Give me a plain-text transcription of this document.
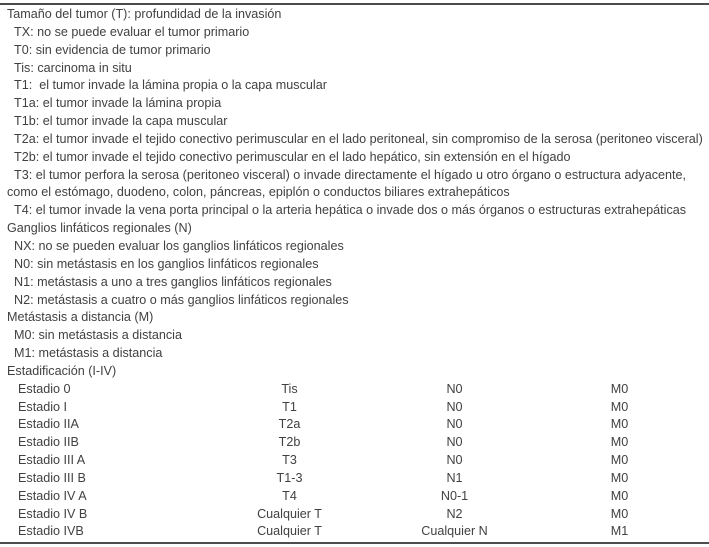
Tamaño del tumor (T): profundidad de la invasión
TX: no se puede evaluar el tumor primario
T0: sin evidencia de tumor primario
Tis: carcinoma in situ
T1:  el tumor invade la lámina propia o la capa muscular
T1a: el tumor invade la lámina propia
T1b: el tumor invade la capa muscular
T2a: el tumor invade el tejido conectivo perimuscular en el lado peritoneal, sin compromiso de la serosa (peritoneo visceral)
T2b: el tumor invade el tejido conectivo perimuscular en el lado hepático, sin extensión en el hígado
T3: el tumor perfora la serosa (peritoneo visceral) o invade directamente el hígado u otro órgano o estructura adyacente,
como el estómago, duodeno, colon, páncreas, epiplón o conductos biliares extrahepáticos
T4: el tumor invade la vena porta principal o la arteria hepática o invade dos o más órganos o estructuras extrahepáticas
Ganglios linfáticos regionales (N)
NX: no se pueden evaluar los ganglios linfáticos regionales
N0: sin metástasis en los ganglios linfáticos regionales
N1: metástasis a uno a tres ganglios linfáticos regionales
N2: metástasis a cuatro o más ganglios linfáticos regionales
Metástasis a distancia (M)
M0: sin metástasis a distancia
M1: metástasis a distancia
Estadificación (I-IV)
Estadio 0	Tis	N0	M0
Estadio I	T1	N0	M0
Estadio IIA	T2a	N0	M0
Estadio IIB	T2b	N0	M0
Estadio III A	T3	N0	M0
Estadio III B	T1-3	N1	M0
Estadio IV A	T4	N0-1	M0
Estadio IV B	Cualquier T	N2	M0
Estadio IVB	Cualquier T	Cualquier N	M1
